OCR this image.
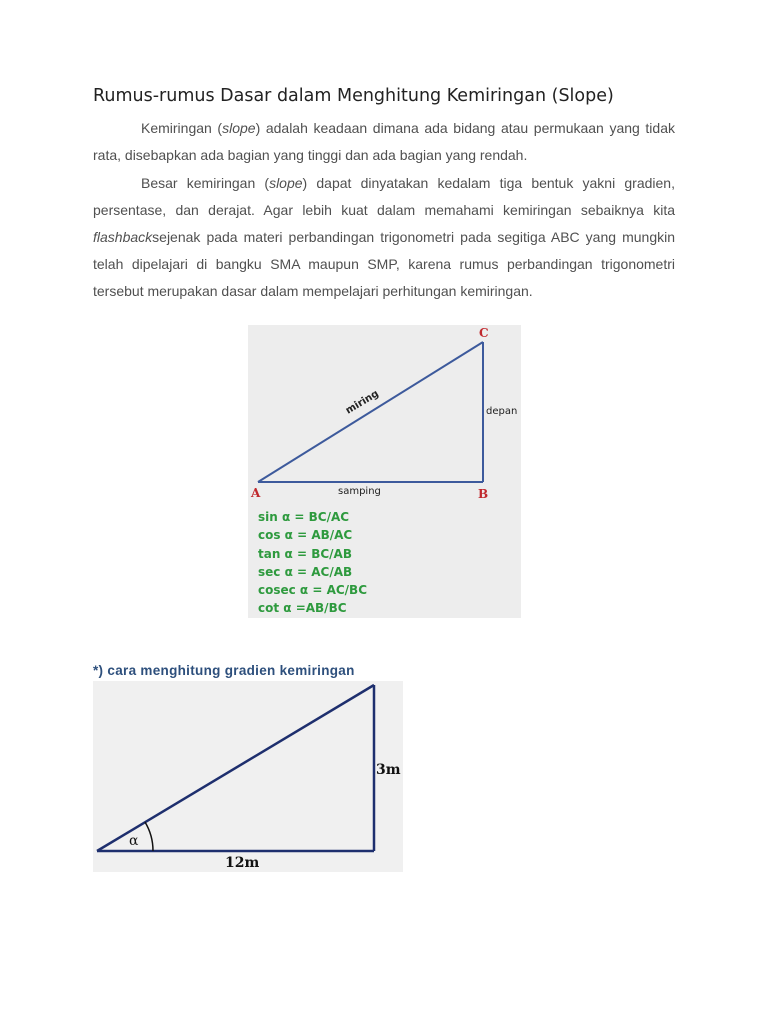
Rumus-rumus Dasar dalam Menghitung Kemiringan (Slope)

Kemiringan (slope) adalah keadaan dimana ada bidang atau permukaan yang tidak rata, disebapkan ada bagian yang tinggi dan ada bagian yang rendah.

Besar kemiringan (slope) dapat dinyatakan kedalam tiga bentuk yakni gradien, persentase, dan derajat. Agar lebih kuat dalam memahami kemiringan sebaiknya kita flashbacksejenak pada materi perbandingan trigonometri pada segitiga ABC yang mungkin telah dipelajari di bangku SMA maupun SMP, karena rumus perbandingan trigonometri tersebut merupakan dasar dalam mempelajari perhitungan kemiringan.

A	B
C
miring	depan
samping
sin α = BC/AC
cos α = AB/AC
tan α = BC/AB
sec α = AC/AB
cosec α = AC/BC
cot α =AB/BC

*) cara menghitung gradien kemiringan

α
3m
12m
